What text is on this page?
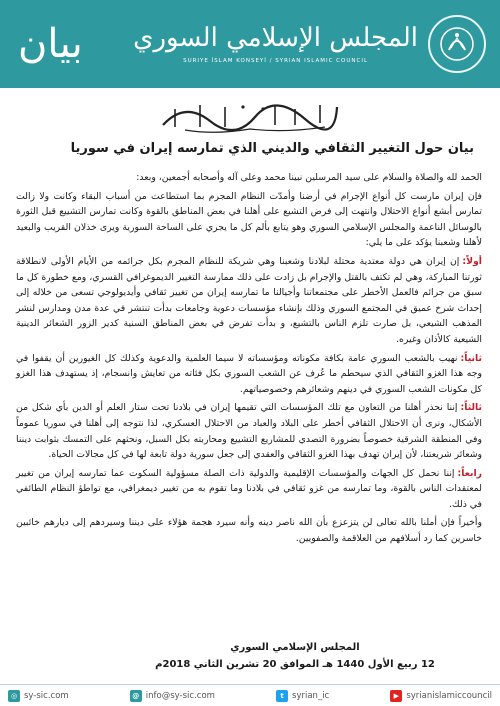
بيان المجلس الإسلامي السوري
SURIYE İSLAM KONSEYİ / SYRIAN ISLAMIC COUNCIL
بيان حول التغيير الثقافي والديني الذي تمارسه إيران في سوريا

الحمد لله والصلاة والسلام على سيد المرسلين نبينا محمد وعلى آله وأصحابه أجمعين، وبعد:

فإن إيران مارست كل أنواع الإجرام في أرضنا وأمدّت النظام المجرم بما استطاعت من أسباب البقاء وكانت ولا زالت تمارس أبشع أنواع الاحتلال وانتهت إلى فرض التشيع على أهلنا في بعض المناطق بالقوة وكانت تمارس التشييع قبل الثورة بالوسائل الناعمة والمجلس الإسلامي السوري وهو يتابع بألم كل ما يجري على الساحة السورية ويرى خذلان القريب والبعيد لأهلنا وشعبنا يؤكد على ما يلي:

أولاً:إن إيران هي دولة معتدية محتلة لبلادنا وشعبنا وهي شريكة للنظام المجرم بكل جرائمه من الأيام الأولى لانطلاقة ثورتنا المباركة، وهي لم تكتف بالقتل والإجرام بل زادت على ذلك ممارسة التغيير الديموغرافي القسري، ومع خطورة كل ما سبق من جرائم فالعمل الأخطر على مجتمعاتنا وأجيالنا ما تمارسه إيران من تغيير ثقافي وأيديولوجي تسعى من خلاله إلى إحداث شرخ عميق في المجتمع السوري وذلك بإنشاء مؤسسات دعوية وجامعات بدأت تنتشر في عدة مدن ومدارس لنشر المذهب الشيعي، بل صارت تلزم الناس بالتشيع، و بدأت تفرض في بعض المناطق السنية كدير الزور الشعائر الدينية الشيعية كالأذان وغيره.

ثانياً:نهيب بالشعب السوري عامة بكافة مكوناته ومؤسساته لا سيما العلمية والدعوية وكذلك كل الغيورين أن يقفوا في وجه هذا الغزو الثقافي الذي سيحطم ما عُرف عن الشعب السوري بكل فئاته من تعايش وانسجام، إذ يستهدف هذا الغزو كل مكونات الشعب السوري في دينهم وشعائرهم وخصوصياتهم.

ثالثاً:إننا نحذر أهلنا من التعاون مع تلك المؤسسات التي تقيمها إيران في بلادنا تحت ستار العلم أو الدين بأي شكل من الأشكال، ونرى أن الاحتلال الثقافي أخطر على البلاد والعباد من الاحتلال العسكري، لذا نتوجه إلى أهلنا في سوريا عموماً وفي المنطقة الشرقية خصوصاً بضرورة التصدي للمشاريع التشييع ومحاربته بكل السبل، ونحثهم على التمسك بثوابت ديننا وشعائر شريعتنا، لأن إيران تهدف بهذا الغزو الثقافي والعقدي إلى جعل سورية دولة تابعة لها في كل مجالات الحياة.

رابعاً:إننا نحمل كل الجهات والمؤسسات الإقليمية والدولية ذات الصلة مسؤولية السكوت عما تمارسه إيران من تغيير لمعتقدات الناس بالقوة، وما تمارسه من غزو ثقافي في بلادنا وما تقوم به من تغيير ديمغرافي، مع تواطؤ النظام الطائفي في ذلك.

وأخيراً فإن أملنا بالله تعالى لن يتزعزع بأن الله ناصر دينه وأنه سيرد هجمة هؤلاء على ديننا وسيردهم إلى ديارهم خائبين خاسرين كما رد أسلافهم من العلاقمة والصفويين.

المجلس الإسلامي السوري
12 ربيع الأول 1440 هـ الموافق 20 تشرين الثاني 2018م
◎ sy-sic.com	@ info@sy-sic.com	t syrian_ic	▶ syrianislamiccouncil
